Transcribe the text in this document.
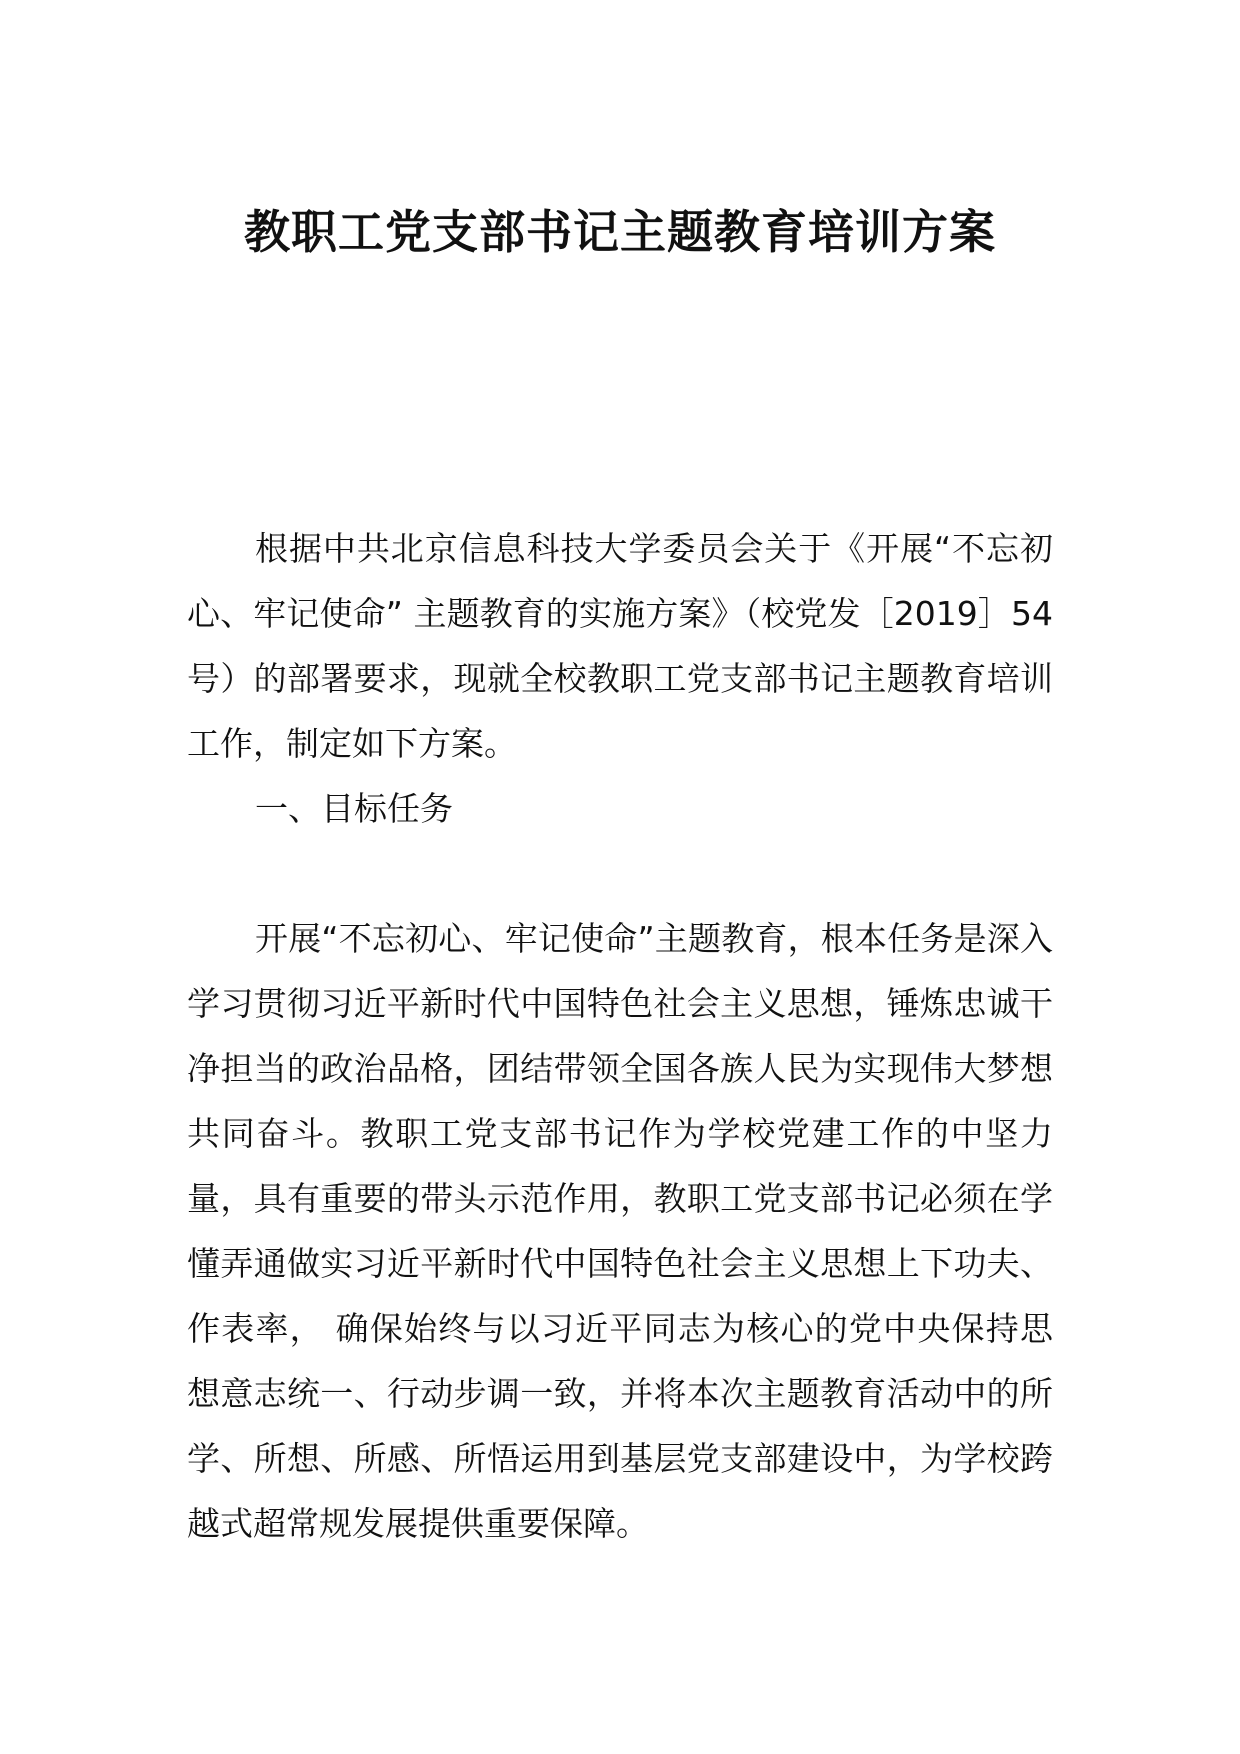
教职工党支部书记主题教育培训方案

根据中共北京信息科技大学委员会关于《开展“不忘初心、牢记使命” 主题教育的实施方案》（校党发［2019］54号）的部署要求，现就全校教职工党支部书记主题教育培训工作，制定如下方案。

一、目标任务

开展“不忘初心、牢记使命”主题教育，根本任务是深入学习贯彻习近平新时代中国特色社会主义思想，锤炼忠诚干净担当的政治品格，团结带领全国各族人民为实现伟大梦想共同奋斗。教职工党支部书记作为学校党建工作的中坚力量，具有重要的带头示范作用，教职工党支部书记必须在学懂弄通做实习近平新时代中国特色社会主义思想上下功夫、作表率， 确保始终与以习近平同志为核心的党中央保持思想意志统一、行动步调一致，并将本次主题教育活动中的所学、所想、所感、所悟运用到基层党支部建设中，为学校跨越式超常规发展提供重要保障。
